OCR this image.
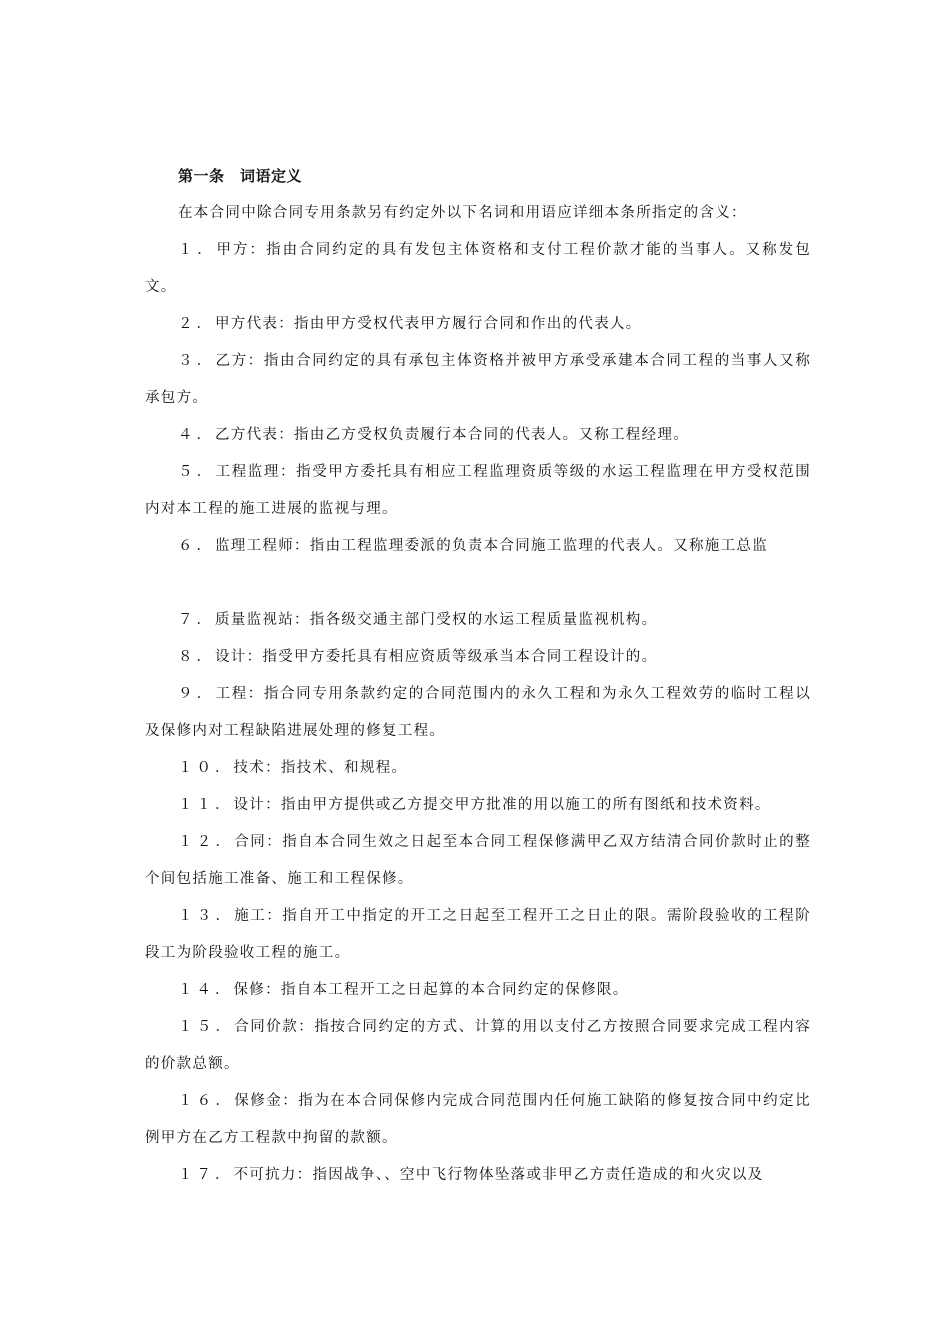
第一条　 词语定义

在本合同中除合同专用条款另有约定外以下名词和用语应详细本条所指定的含义：

１．甲方：指由合同约定的具有发包主体资格和支付工程价款才能的当事人。又称发包文。

２．甲方代表：指由甲方受权代表甲方履行合同和作出的代表人。

３．乙方：指由合同约定的具有承包主体资格并被甲方承受承建本合同工程的当事人又称承包方。

４．乙方代表：指由乙方受权负责履行本合同的代表人。又称工程经理。

５．工程监理：指受甲方委托具有相应工程监理资质等级的水运工程监理在甲方受权范围内对本工程的施工进展的监视与理。

６．监理工程师：指由工程监理委派的负责本合同施工监理的代表人。又称施工总监

７．质量监视站：指各级交通主部门受权的水运工程质量监视机构。

８．设计：指受甲方委托具有相应资质等级承当本合同工程设计的。

９．工程：指合同专用条款约定的合同范围内的永久工程和为永久工程效劳的临时工程以及保修内对工程缺陷进展处理的修复工程。

１０．技术：指技术、和规程。

１１．设计：指由甲方提供或乙方提交甲方批准的用以施工的所有图纸和技术资料。

１２．合同：指自本合同生效之日起至本合同工程保修满甲乙双方结清合同价款时止的整个间包括施工准备、施工和工程保修。

１３．施工：指自开工中指定的开工之日起至工程开工之日止的限。需阶段验收的工程阶段工为阶段验收工程的施工。

１４．保修：指自本工程开工之日起算的本合同约定的保修限。

１５．合同价款：指按合同约定的方式、计算的用以支付乙方按照合同要求完成工程内容的价款总额。

１６．保修金：指为在本合同保修内完成合同范围内任何施工缺陷的修复按合同中约定比例甲方在乙方工程款中拘留的款额。

１７．不可抗力：指因战争、、空中飞行物体坠落或非甲乙方责任造成的和火灾以及
